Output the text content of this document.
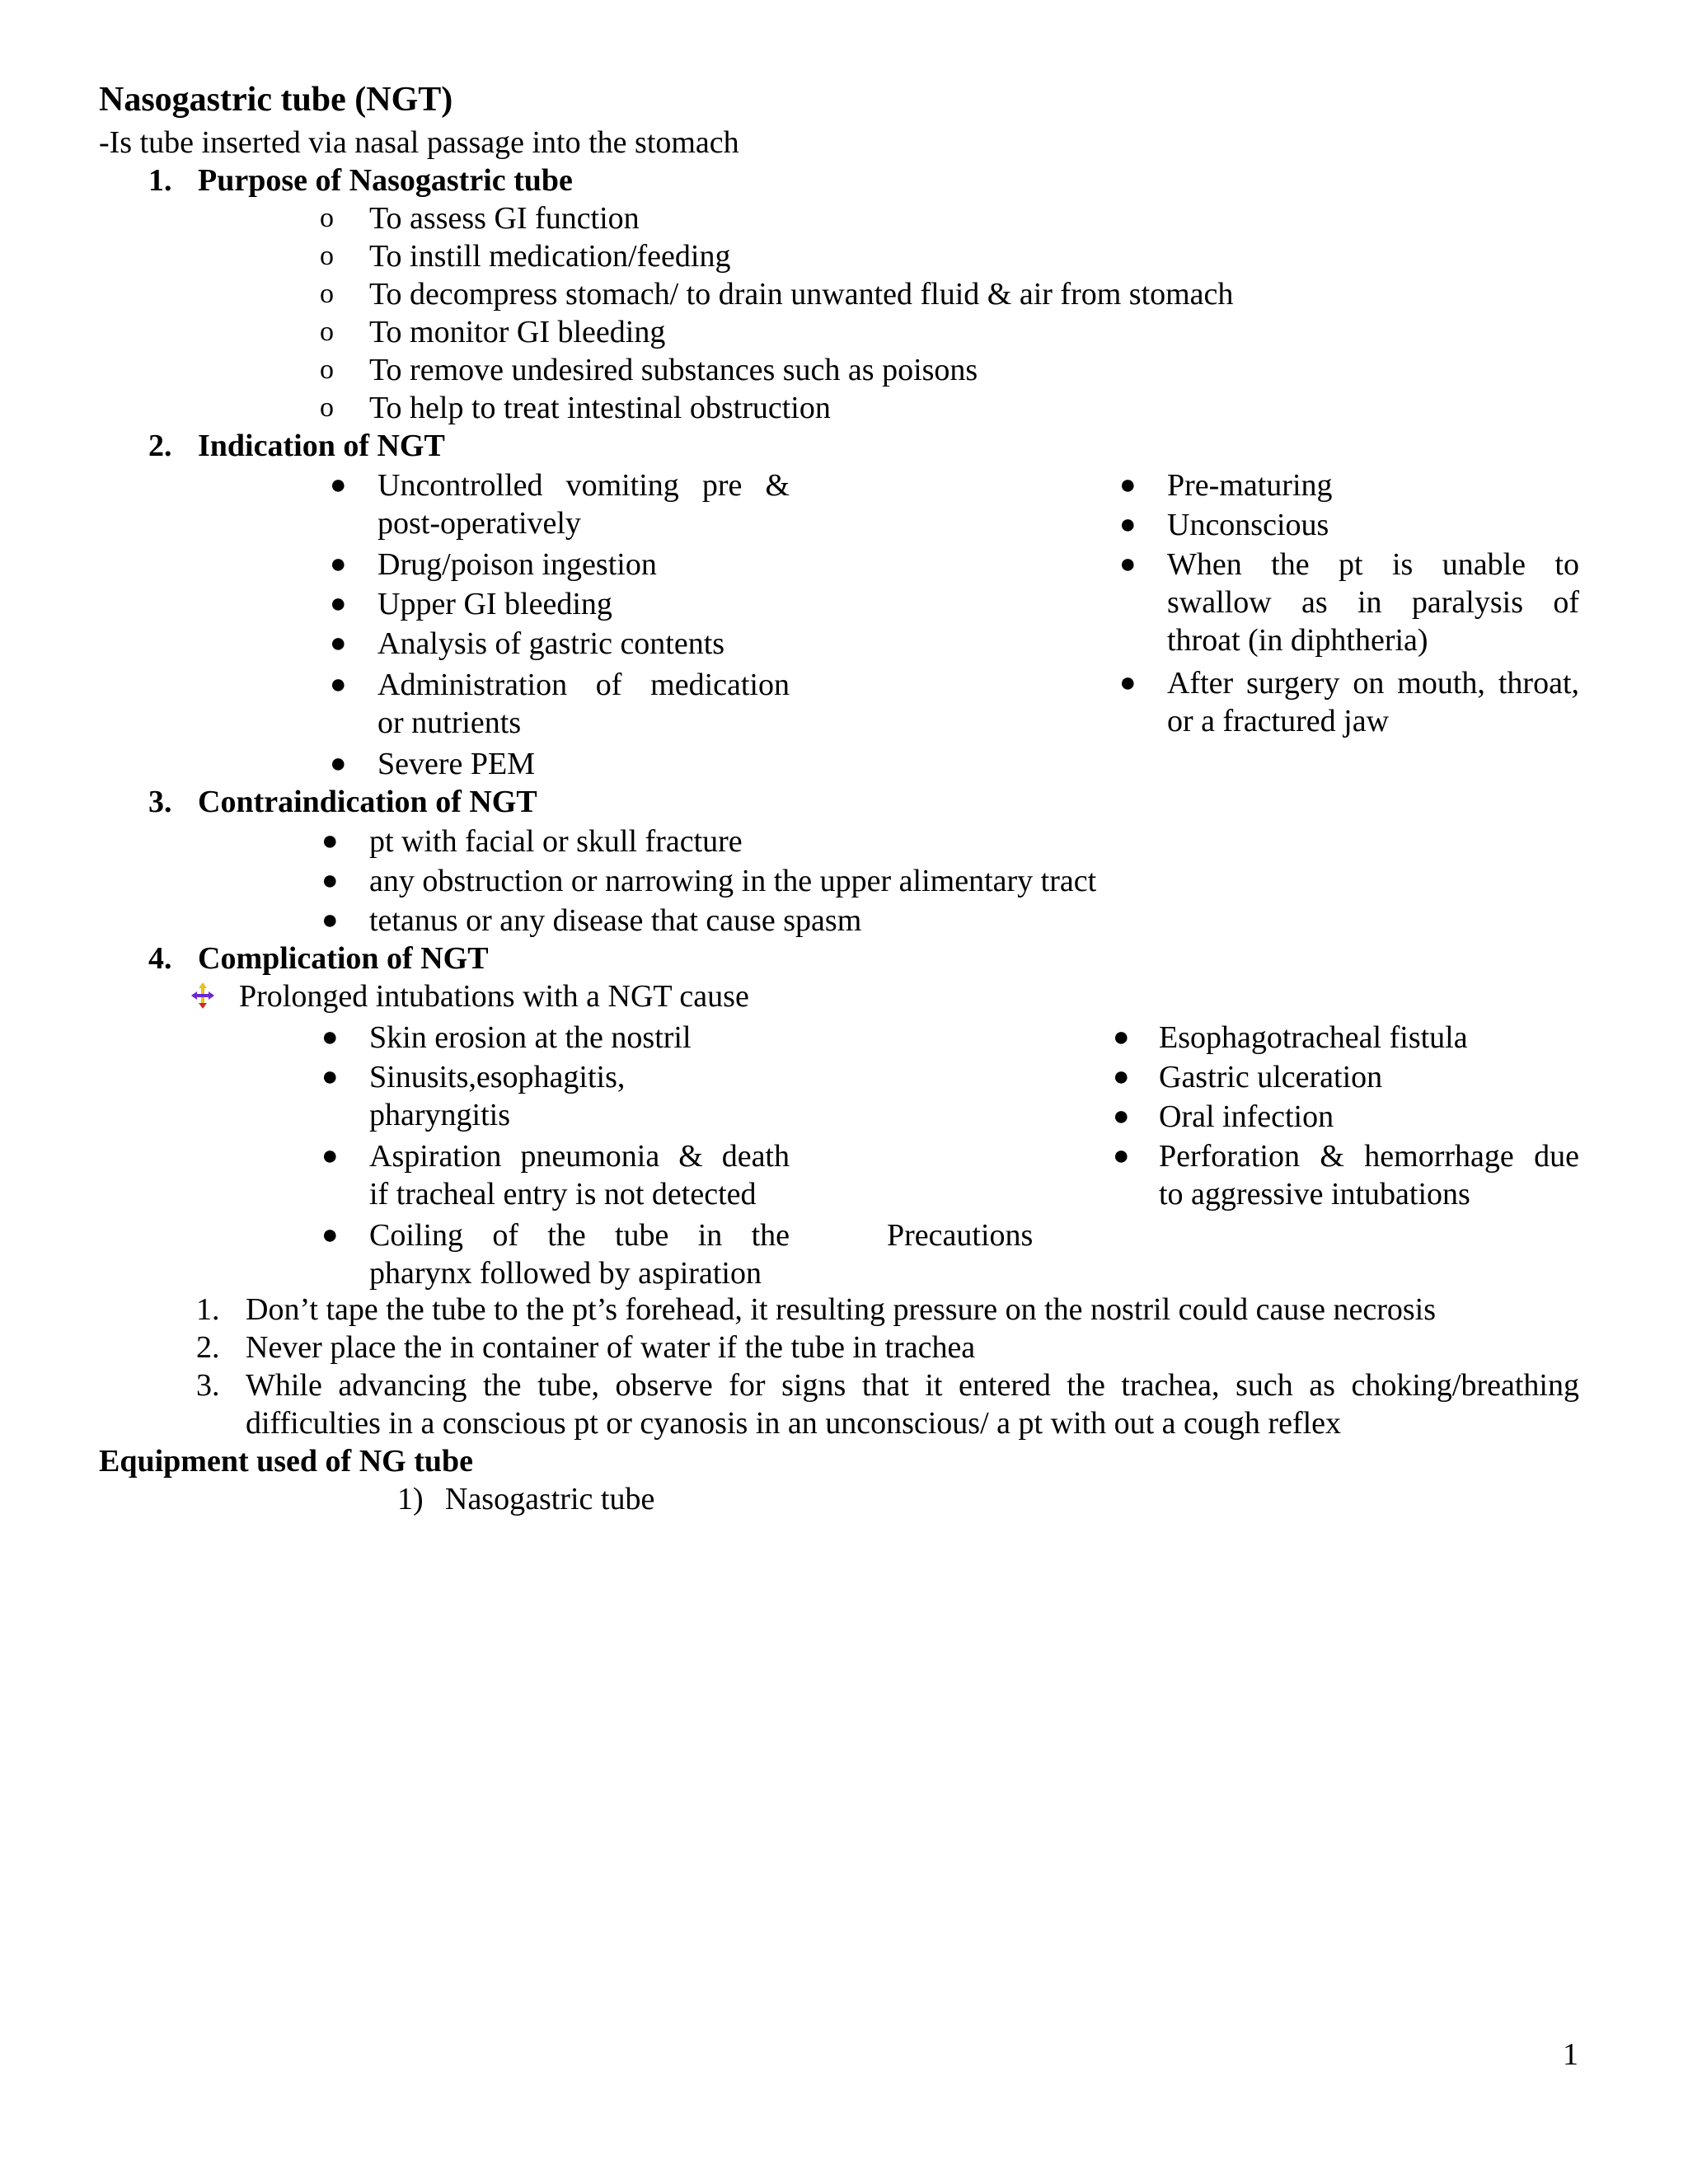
Nasogastric tube (NGT)
-Is tube inserted via nasal passage into the stomach
1. Purpose of Nasogastric tube
o To assess GI function
o To instill medication/feeding
o To decompress stomach/ to drain unwanted fluid & air from stomach
o To monitor GI bleeding
o To remove undesired substances such as poisons
o To help to treat intestinal obstruction
2. Indication of NGT
● Uncontrolled vomiting pre &
post-operatively
● Drug/poison ingestion
● Upper GI bleeding
● Analysis of gastric contents
● Administration of medication
or nutrients
● Severe PEM
● Pre-maturing
● Unconscious
● When the pt is unable to
swallow as in paralysis of
throat (in diphtheria)
● After surgery on mouth, throat,
or a fractured jaw
3. Contraindication of NGT
● pt with facial or skull fracture
● any obstruction or narrowing in the upper alimentary tract
● tetanus or any disease that cause spasm
4. Complication of NGT
Prolonged intubations with a NGT cause
● Skin erosion at the nostril
● Sinusits,esophagitis,
pharyngitis
● Aspiration pneumonia & death
if tracheal entry is not detected
● Coiling of the tube in the
pharynx followed by aspiration
Precautions
● Esophagotracheal fistula
● Gastric ulceration
● Oral infection
● Perforation & hemorrhage due
to aggressive intubations
1. Don’t tape the tube to the pt’s forehead, it resulting pressure on the nostril could cause necrosis
2. Never place the in container of water if the tube in trachea
3. While advancing the tube, observe for signs that it entered the trachea, such as choking/breathing
difficulties in a conscious pt or cyanosis in an unconscious/ a pt with out a cough reflex
Equipment used of NG tube
1) Nasogastric tube
1
